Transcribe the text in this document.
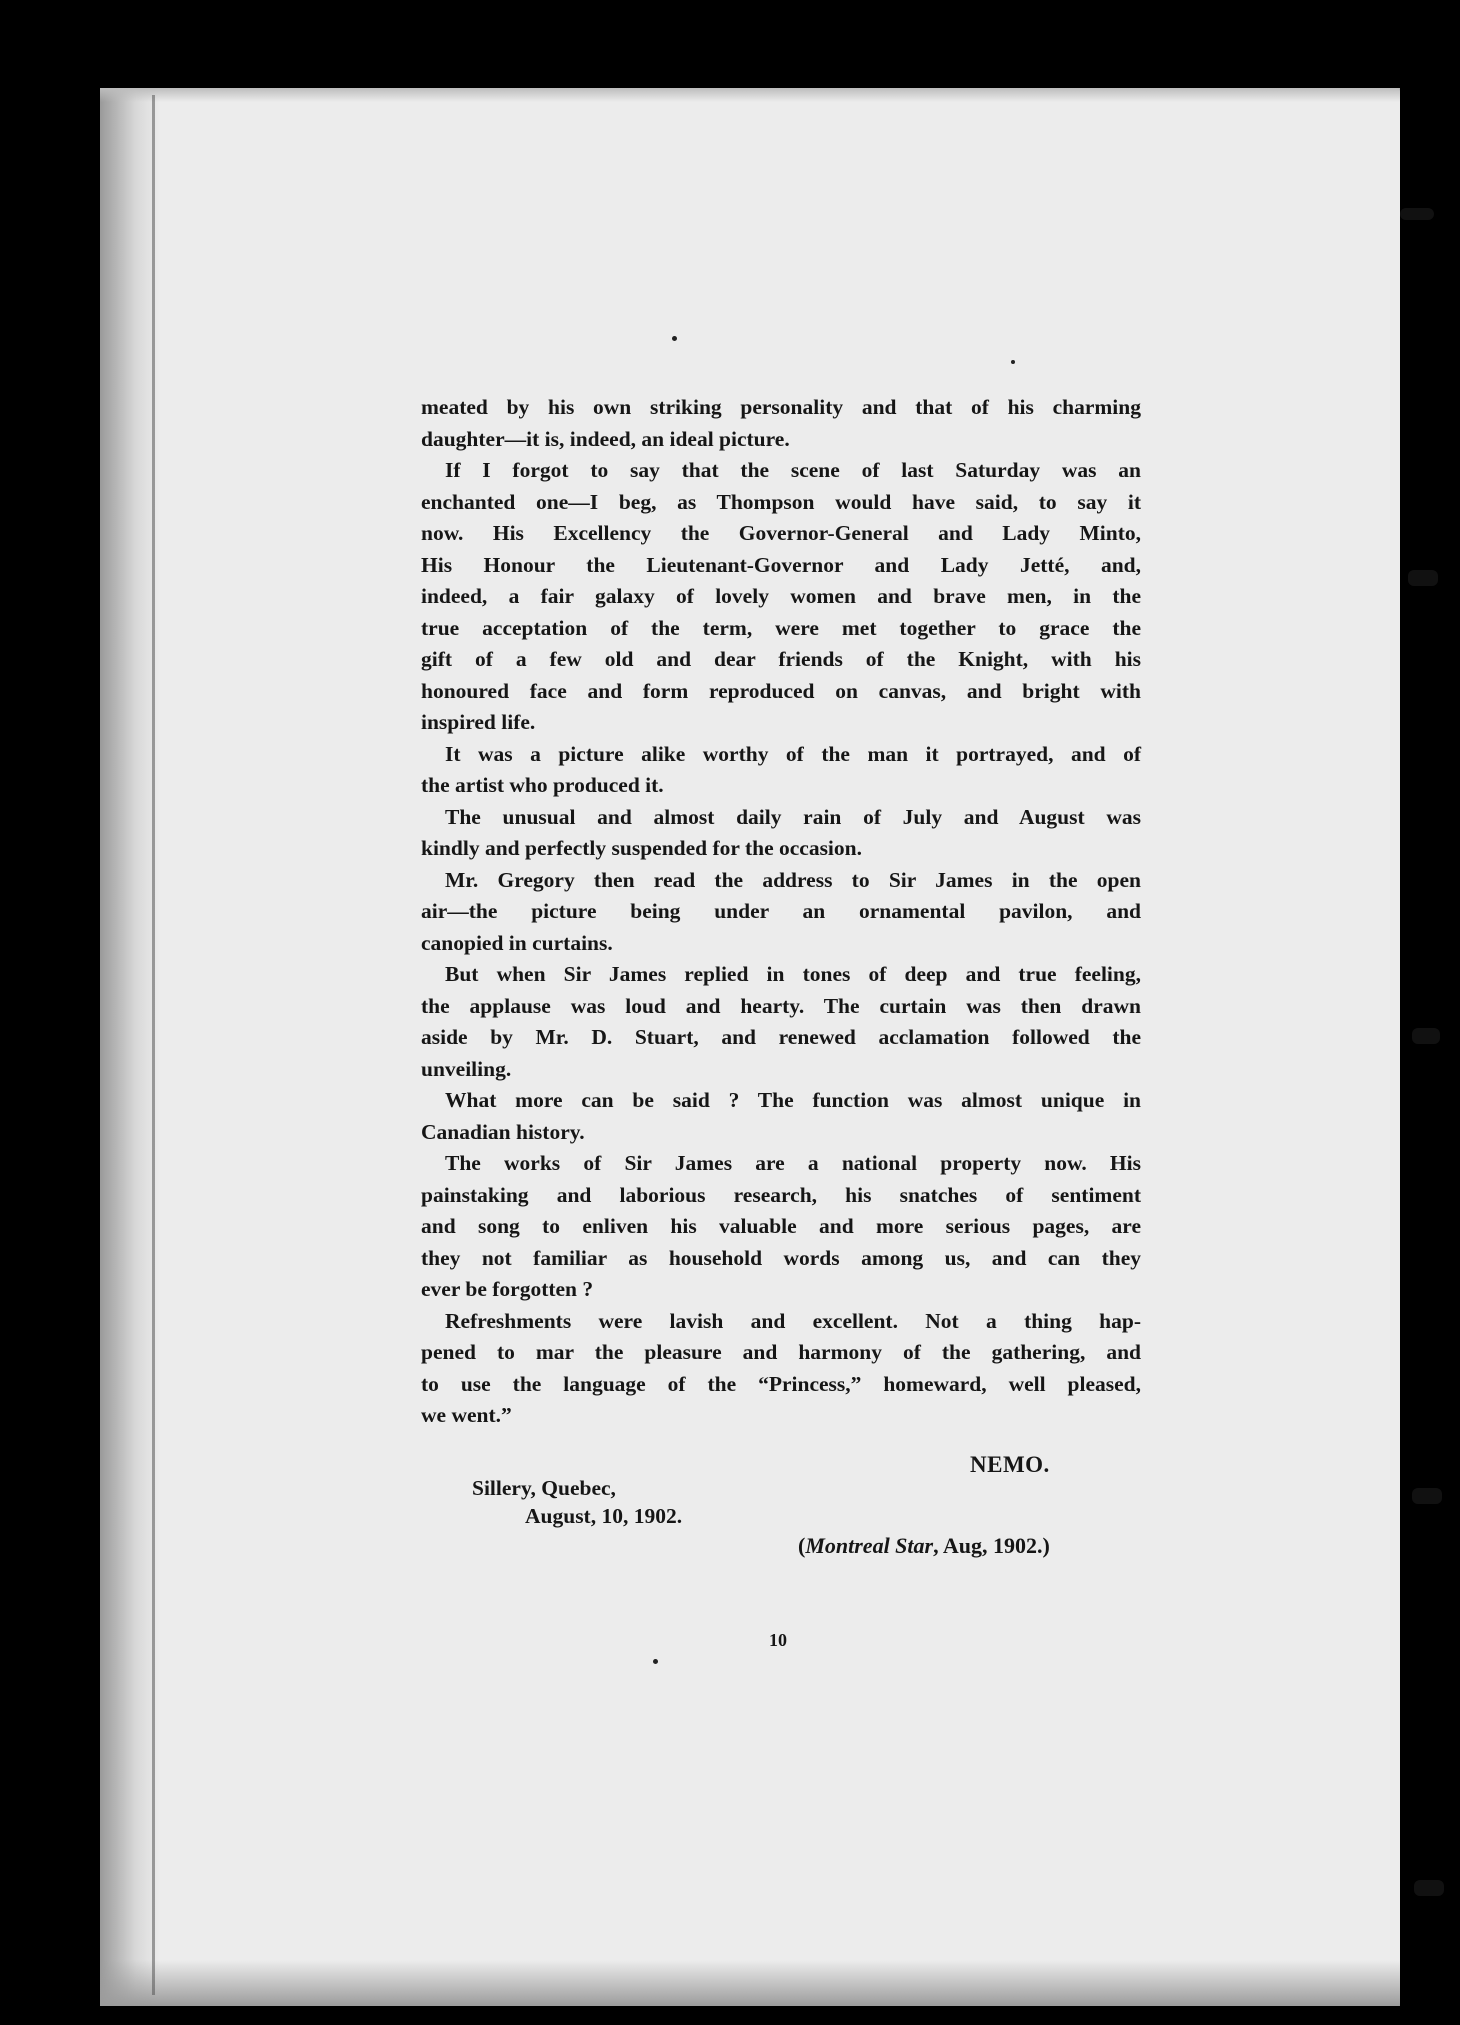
meated by his own striking personality and that of his charming
daughter—it is, indeed, an ideal picture.
If I forgot to say that the scene of last Saturday was an
enchanted one—I beg, as Thompson would have said, to say it
now. His Excellency the Governor-General and Lady Minto,
His Honour the Lieutenant-Governor and Lady Jetté, and,
indeed, a fair galaxy of lovely women and brave men, in the
true acceptation of the term, were met together to grace the
gift of a few old and dear friends of the Knight, with his
honoured face and form reproduced on canvas, and bright with
inspired life.
It was a picture alike worthy of the man it portrayed, and of
the artist who produced it.
The unusual and almost daily rain of July and August was
kindly and perfectly suspended for the occasion.
Mr. Gregory then read the address to Sir James in the open
air—the picture being under an ornamental pavilon, and
canopied in curtains.
But when Sir James replied in tones of deep and true feeling,
the applause was loud and hearty. The curtain was then drawn
aside by Mr. D. Stuart, and renewed acclamation followed the
unveiling.
What more can be said ? The function was almost unique in
Canadian history.
The works of Sir James are a national property now. His
painstaking and laborious research, his snatches of sentiment
and song to enliven his valuable and more serious pages, are
they not familiar as household words among us, and can they
ever be forgotten ?
Refreshments were lavish and excellent. Not a thing hap-
pened to mar the pleasure and harmony of the gathering, and
to use the language of the “Princess,” homeward, well pleased,
we went.”
NEMO.
Sillery, Quebec,
August, 10, 1902.
(Montreal Star, Aug, 1902.)
10
